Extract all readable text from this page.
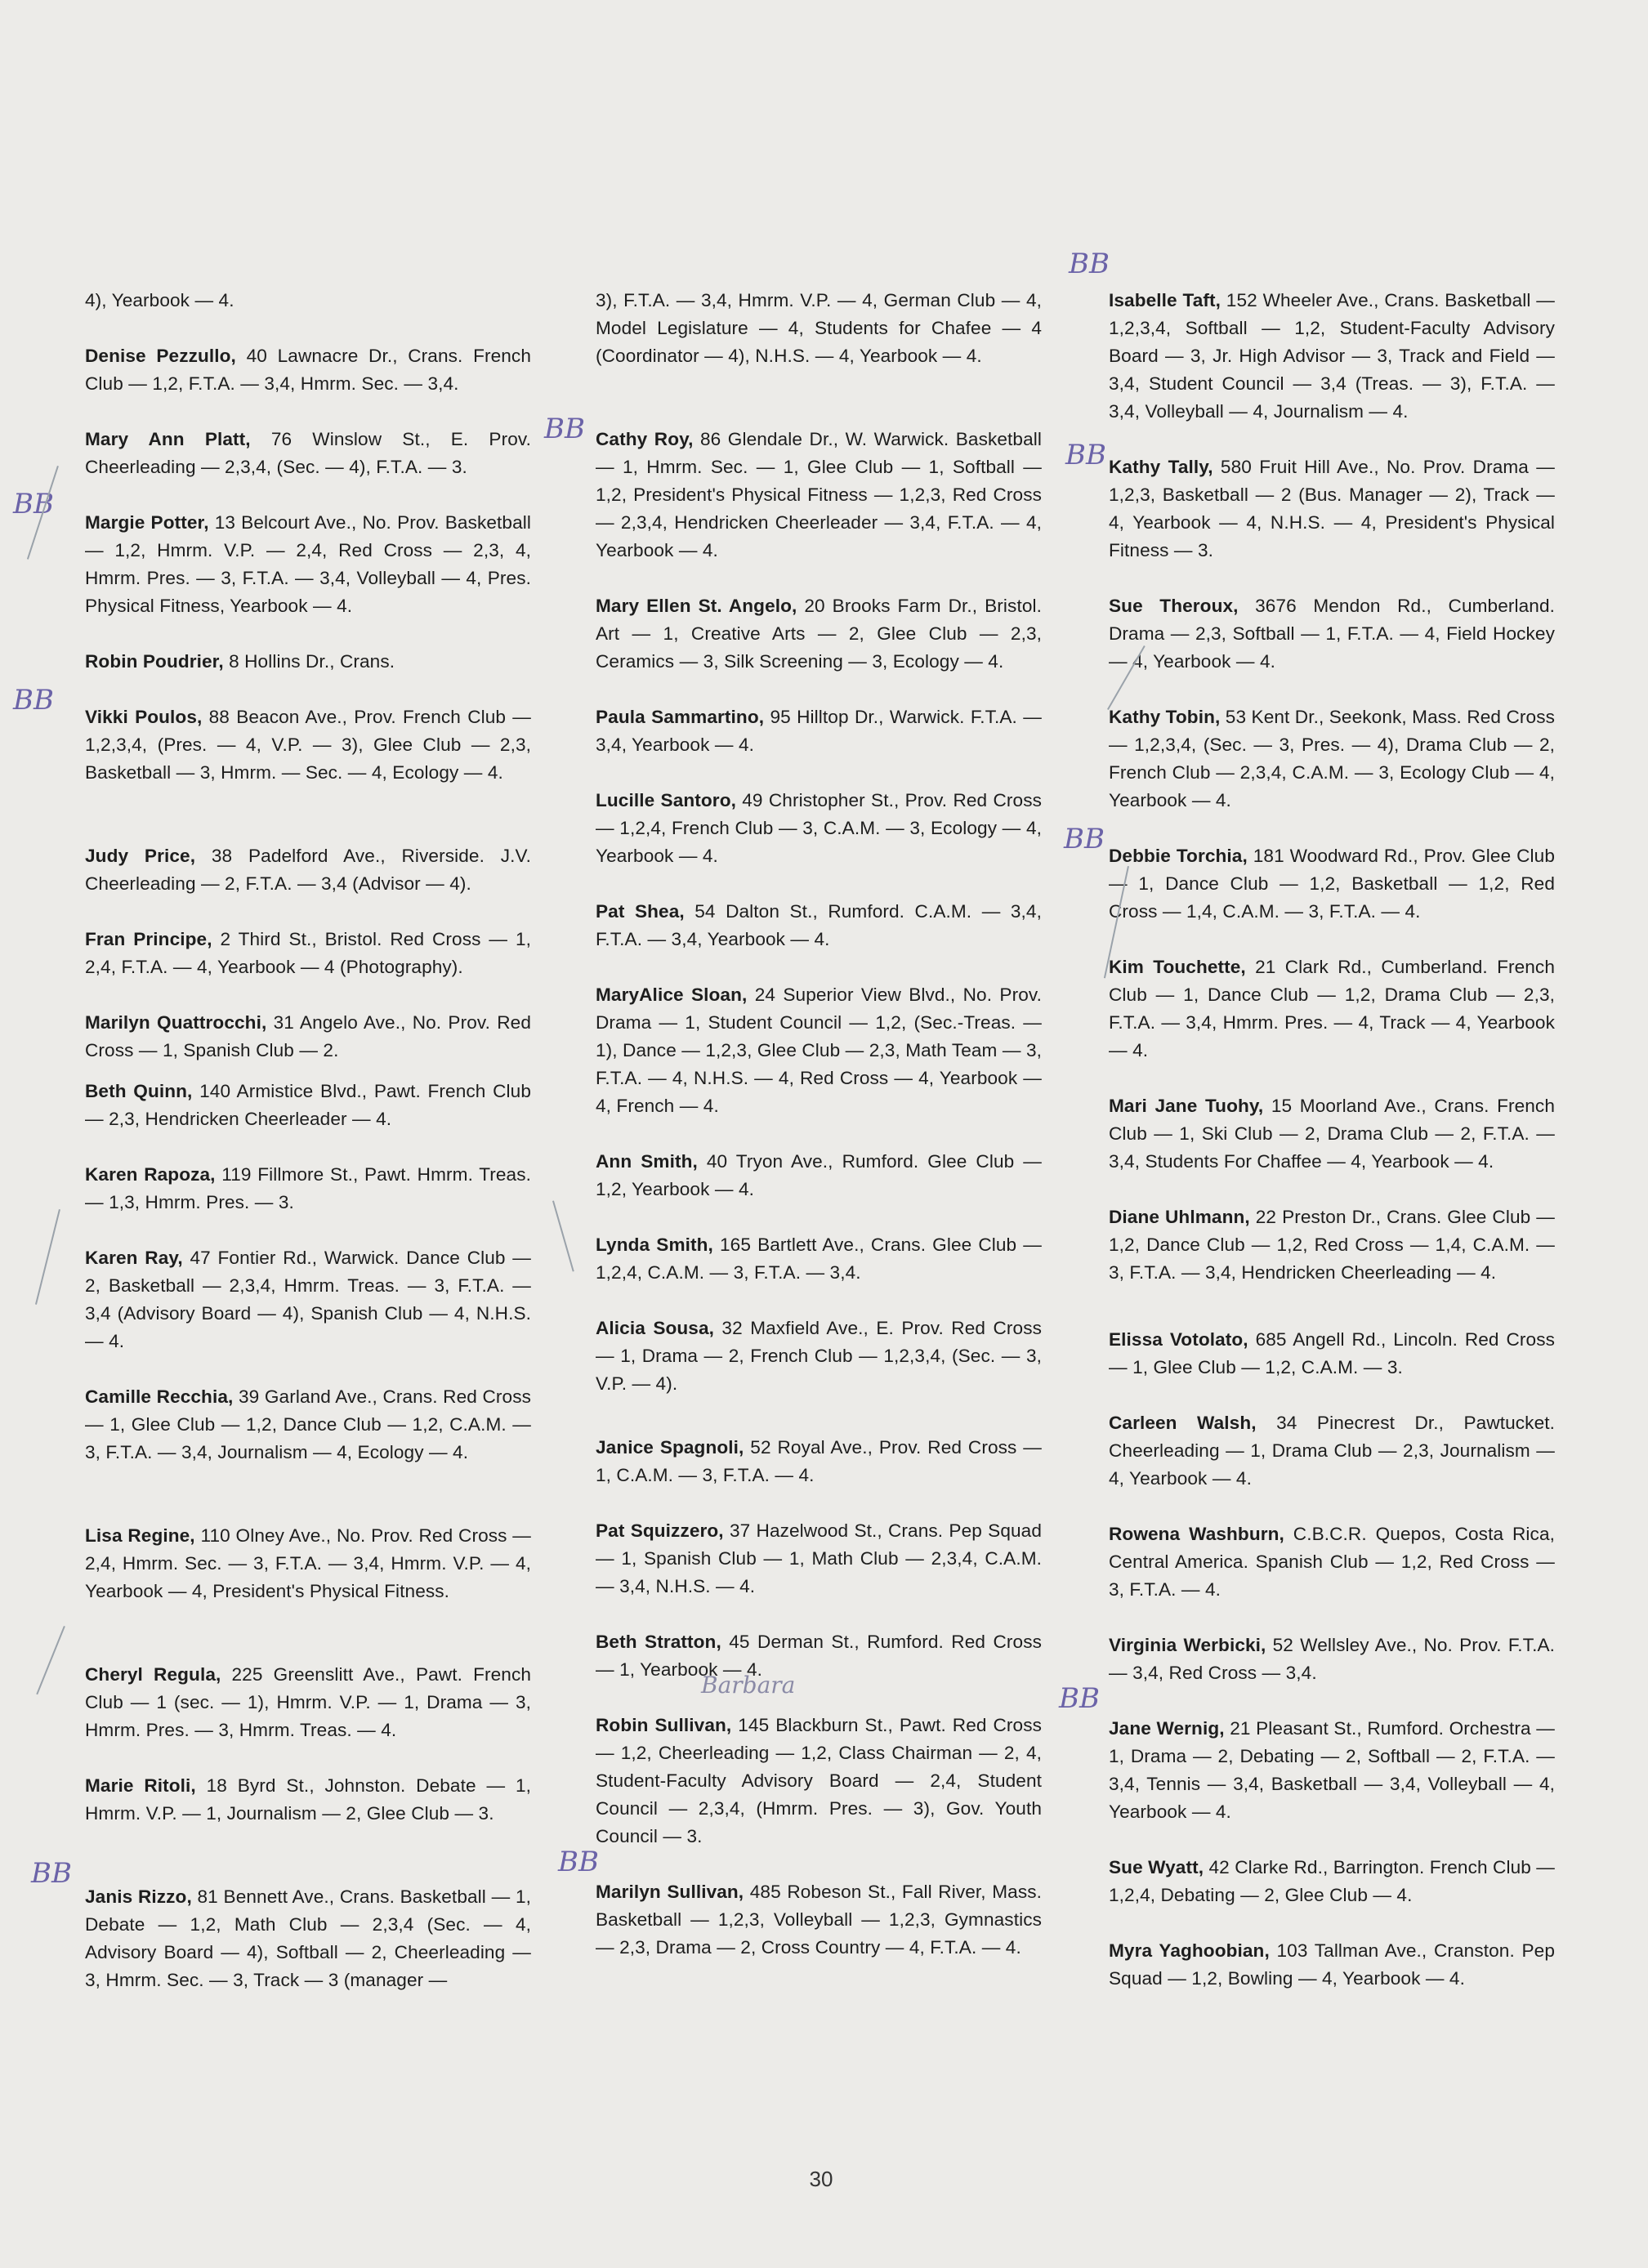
4), Yearbook — 4.

Denise Pezzullo, 40 Lawnacre Dr., Crans. French Club — 1,2, F.T.A. — 3,4, Hmrm. Sec. — 3,4.

Mary Ann Platt, 76 Winslow St., E. Prov. Cheerleading — 2,3,4, (Sec. — 4), F.T.A. — 3.

Margie Potter, 13 Belcourt Ave., No. Prov. Basketball — 1,2, Hmrm. V.P. — 2,4, Red Cross — 2,3, 4, Hmrm. Pres. — 3, F.T.A. — 3,4, Volleyball — 4, Pres. Physical Fitness, Yearbook — 4.

Robin Poudrier, 8 Hollins Dr., Crans.

Vikki Poulos, 88 Beacon Ave., Prov. French Club — 1,2,3,4, (Pres. — 4, V.P. — 3), Glee Club — 2,3, Basketball — 3, Hmrm. — Sec. — 4, Ecology — 4.

Judy Price, 38 Padelford Ave., Riverside. J.V. Cheerleading — 2, F.T.A. — 3,4 (Advisor — 4).

Fran Principe, 2 Third St., Bristol. Red Cross — 1, 2,4, F.T.A. — 4, Yearbook — 4 (Photography).

Marilyn Quattrocchi, 31 Angelo Ave., No. Prov. Red Cross — 1, Spanish Club — 2.

Beth Quinn, 140 Armistice Blvd., Pawt. French Club — 2,3, Hendricken Cheerleader — 4.

Karen Rapoza, 119 Fillmore St., Pawt. Hmrm. Treas. — 1,3, Hmrm. Pres. — 3.

Karen Ray, 47 Fontier Rd., Warwick. Dance Club — 2, Basketball — 2,3,4, Hmrm. Treas. — 3, F.T.A. — 3,4 (Advisory Board — 4), Spanish Club — 4, N.H.S. — 4.

Camille Recchia, 39 Garland Ave., Crans. Red Cross — 1, Glee Club — 1,2, Dance Club — 1,2, C.A.M. — 3, F.T.A. — 3,4, Journalism — 4, Ecology — 4.

Lisa Regine, 110 Olney Ave., No. Prov. Red Cross — 2,4, Hmrm. Sec. — 3, F.T.A. — 3,4, Hmrm. V.P. — 4, Yearbook — 4, President's Physical Fitness.

Cheryl Regula, 225 Greenslitt Ave., Pawt. French Club — 1 (sec. — 1), Hmrm. V.P. — 1, Drama — 3, Hmrm. Pres. — 3, Hmrm. Treas. — 4.

Marie Ritoli, 18 Byrd St., Johnston. Debate — 1, Hmrm. V.P. — 1, Journalism — 2, Glee Club — 3.

Janis Rizzo, 81 Bennett Ave., Crans. Basketball — 1, Debate — 1,2, Math Club — 2,3,4 (Sec. — 4, Advisory Board — 4), Softball — 2, Cheerleading — 3, Hmrm. Sec. — 3, Track — 3 (manager —

3), F.T.A. — 3,4, Hmrm. V.P. — 4, German Club — 4, Model Legislature — 4, Students for Chafee — 4 (Coordinator — 4), N.H.S. — 4, Yearbook — 4.

Cathy Roy, 86 Glendale Dr., W. Warwick. Basketball — 1, Hmrm. Sec. — 1, Glee Club — 1, Softball — 1,2, President's Physical Fitness — 1,2,3, Red Cross — 2,3,4, Hendricken Cheerleader — 3,4, F.T.A. — 4, Yearbook — 4.

Mary Ellen St. Angelo, 20 Brooks Farm Dr., Bristol. Art — 1, Creative Arts — 2, Glee Club — 2,3, Ceramics — 3, Silk Screening — 3, Ecology — 4.

Paula Sammartino, 95 Hilltop Dr., Warwick. F.T.A. — 3,4, Yearbook — 4.

Lucille Santoro, 49 Christopher St., Prov. Red Cross — 1,2,4, French Club — 3, C.A.M. — 3, Ecology — 4, Yearbook — 4.

Pat Shea, 54 Dalton St., Rumford. C.A.M. — 3,4, F.T.A. — 3,4, Yearbook — 4.

MaryAlice Sloan, 24 Superior View Blvd., No. Prov. Drama — 1, Student Council — 1,2, (Sec.-Treas. — 1), Dance — 1,2,3, Glee Club — 2,3, Math Team — 3, F.T.A. — 4, N.H.S. — 4, Red Cross — 4, Yearbook — 4, French — 4.

Ann Smith, 40 Tryon Ave., Rumford. Glee Club — 1,2, Yearbook — 4.

Lynda Smith, 165 Bartlett Ave., Crans. Glee Club — 1,2,4, C.A.M. — 3, F.T.A. — 3,4.

Alicia Sousa, 32 Maxfield Ave., E. Prov. Red Cross — 1, Drama — 2, French Club — 1,2,3,4, (Sec. — 3, V.P. — 4).

Janice Spagnoli, 52 Royal Ave., Prov. Red Cross — 1, C.A.M. — 3, F.T.A. — 4.

Pat Squizzero, 37 Hazelwood St., Crans. Pep Squad — 1, Spanish Club — 1, Math Club — 2,3,4, C.A.M. — 3,4, N.H.S. — 4.

Beth Stratton, 45 Derman St., Rumford. Red Cross — 1, Yearbook — 4.

Robin Sullivan, 145 Blackburn St., Pawt. Red Cross — 1,2, Cheerleading — 1,2, Class Chairman — 2, 4, Student-Faculty Advisory Board — 2,4, Student Council — 2,3,4, (Hmrm. Pres. — 3), Gov. Youth Council — 3.

Marilyn Sullivan, 485 Robeson St., Fall River, Mass. Basketball — 1,2,3, Volleyball — 1,2,3, Gymnastics — 2,3, Drama — 2, Cross Country — 4, F.T.A. — 4.

Isabelle Taft, 152 Wheeler Ave., Crans. Basketball — 1,2,3,4, Softball — 1,2, Student-Faculty Advisory Board — 3, Jr. High Advisor — 3, Track and Field — 3,4, Student Council — 3,4 (Treas. — 3), F.T.A. — 3,4, Volleyball — 4, Journalism — 4.

Kathy Tally, 580 Fruit Hill Ave., No. Prov. Drama — 1,2,3, Basketball — 2 (Bus. Manager — 2), Track — 4, Yearbook — 4, N.H.S. — 4, President's Physical Fitness — 3.

Sue Theroux, 3676 Mendon Rd., Cumberland. Drama — 2,3, Softball — 1, F.T.A. — 4, Field Hockey — 4, Yearbook — 4.

Kathy Tobin, 53 Kent Dr., Seekonk, Mass. Red Cross — 1,2,3,4, (Sec. — 3, Pres. — 4), Drama Club — 2, French Club — 2,3,4, C.A.M. — 3, Ecology Club — 4, Yearbook — 4.

Debbie Torchia, 181 Woodward Rd., Prov. Glee Club — 1, Dance Club — 1,2, Basketball — 1,2, Red Cross — 1,4, C.A.M. — 3, F.T.A. — 4.

Kim Touchette, 21 Clark Rd., Cumberland. French Club — 1, Dance Club — 1,2, Drama Club — 2,3, F.T.A. — 3,4, Hmrm. Pres. — 4, Track — 4, Yearbook — 4.

Mari Jane Tuohy, 15 Moorland Ave., Crans. French Club — 1, Ski Club — 2, Drama Club — 2, F.T.A. — 3,4, Students For Chaffee — 4, Yearbook — 4.

Diane Uhlmann, 22 Preston Dr., Crans. Glee Club — 1,2, Dance Club — 1,2, Red Cross — 1,4, C.A.M. — 3, F.T.A. — 3,4, Hendricken Cheerleading — 4.

Elissa Votolato, 685 Angell Rd., Lincoln. Red Cross — 1, Glee Club — 1,2, C.A.M. — 3.

Carleen Walsh, 34 Pinecrest Dr., Pawtucket. Cheerleading — 1, Drama Club — 2,3, Journalism — 4, Yearbook — 4.

Rowena Washburn, C.B.C.R. Quepos, Costa Rica, Central America. Spanish Club — 1,2, Red Cross — 3, F.T.A. — 4.

Virginia Werbicki, 52 Wellsley Ave., No. Prov. F.T.A. — 3,4, Red Cross — 3,4.

Jane Wernig, 21 Pleasant St., Rumford. Orchestra — 1, Drama — 2, Debating — 2, Softball — 2, F.T.A. — 3,4, Tennis — 3,4, Basketball — 3,4, Volleyball — 4, Yearbook — 4.

Sue Wyatt, 42 Clarke Rd., Barrington. French Club — 1,2,4, Debating — 2, Glee Club — 4.

Myra Yaghoobian, 103 Tallman Ave., Cranston. Pep Squad — 1,2, Bowling — 4, Yearbook — 4.

BB
BB
BB
BB
BB
BB
BB
BB
BB
Barbara
30
